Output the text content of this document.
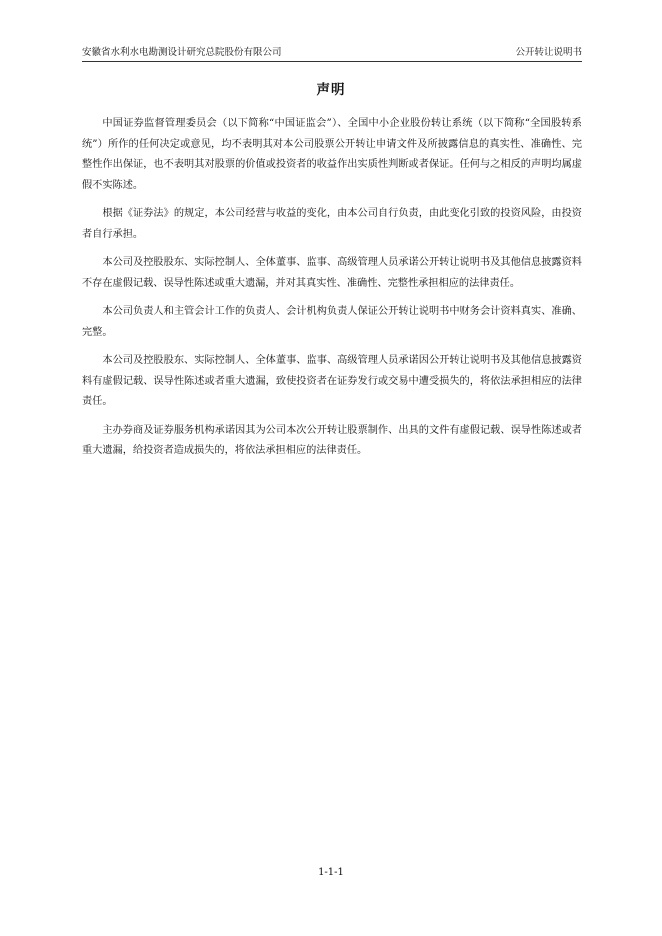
安徽省水利水电勘测设计研究总院股份有限公司	公开转让说明书
声明

中国证券监督管理委员会（以下简称“中国证监会”）、全国中小企业股份转让系统（以下简称“全国股转系统”）所作的任何决定或意见，均不表明其对本公司股票公开转让申请文件及所披露信息的真实性、准确性、完整性作出保证，也不表明其对股票的价值或投资者的收益作出实质性判断或者保证。任何与之相反的声明均属虚假不实陈述。

根据《证券法》的规定，本公司经营与收益的变化，由本公司自行负责，由此变化引致的投资风险，由投资者自行承担。

本公司及控股股东、实际控制人、全体董事、监事、高级管理人员承诺公开转让说明书及其他信息披露资料不存在虚假记载、误导性陈述或重大遗漏，并对其真实性、准确性、完整性承担相应的法律责任。

本公司负责人和主管会计工作的负责人、会计机构负责人保证公开转让说明书中财务会计资料真实、准确、完整。

本公司及控股股东、实际控制人、全体董事、监事、高级管理人员承诺因公开转让说明书及其他信息披露资料有虚假记载、误导性陈述或者重大遗漏，致使投资者在证券发行或交易中遭受损失的，将依法承担相应的法律责任。

主办券商及证券服务机构承诺因其为公司本次公开转让股票制作、出具的文件有虚假记载、误导性陈述或者重大遗漏，给投资者造成损失的，将依法承担相应的法律责任。

1-1-1
